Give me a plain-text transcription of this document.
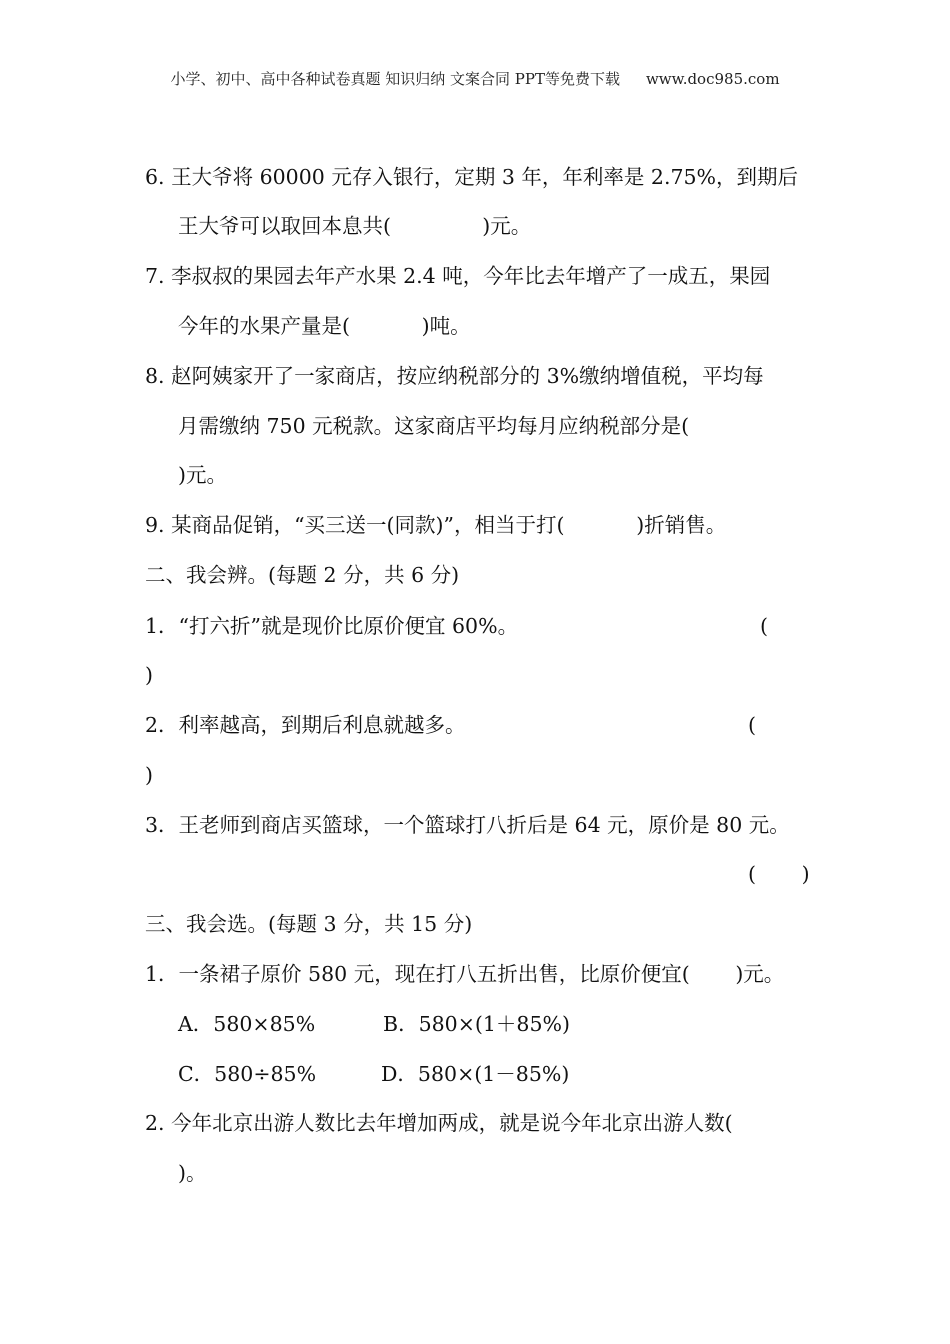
小学、初中、高中各种试卷真题 知识归纳 文案合同 PPT等免费下载 www.doc985.com
6. 王大爷将 60000 元存入银行，定期 3 年，年利率是 2.75%，到期后
王大爷可以取回本息共(              )元。
7. 李叔叔的果园去年产水果 2.4 吨，今年比去年增产了一成五，果园
今年的水果产量是(           )吨。
8. 赵阿姨家开了一家商店，按应纳税部分的 3%缴纳增值税，平均每
月需缴纳 750 元税款。这家商店平均每月应纳税部分是(
)元。
9. 某商品促销，“买三送一(同款)”，相当于打(           )折销售。
二、我会辨。(每题 2 分，共 6 分)
1．“打六折”就是现价比原价便宜 60%。	(
)
2．利率越高，到期后利息就越多。	(
)
3．王老师到商店买篮球，一个篮球打八折后是 64 元，原价是 80 元。
(       )
三、我会选。(每题 3 分，共 15 分)
1．一条裙子原价 580 元，现在打八五折出售，比原价便宜(       )元。
A．580×85%	B．580×(1＋85%)
C．580÷85%	D．580×(1－85%)
2. 今年北京出游人数比去年增加两成，就是说今年北京出游人数(
)。
